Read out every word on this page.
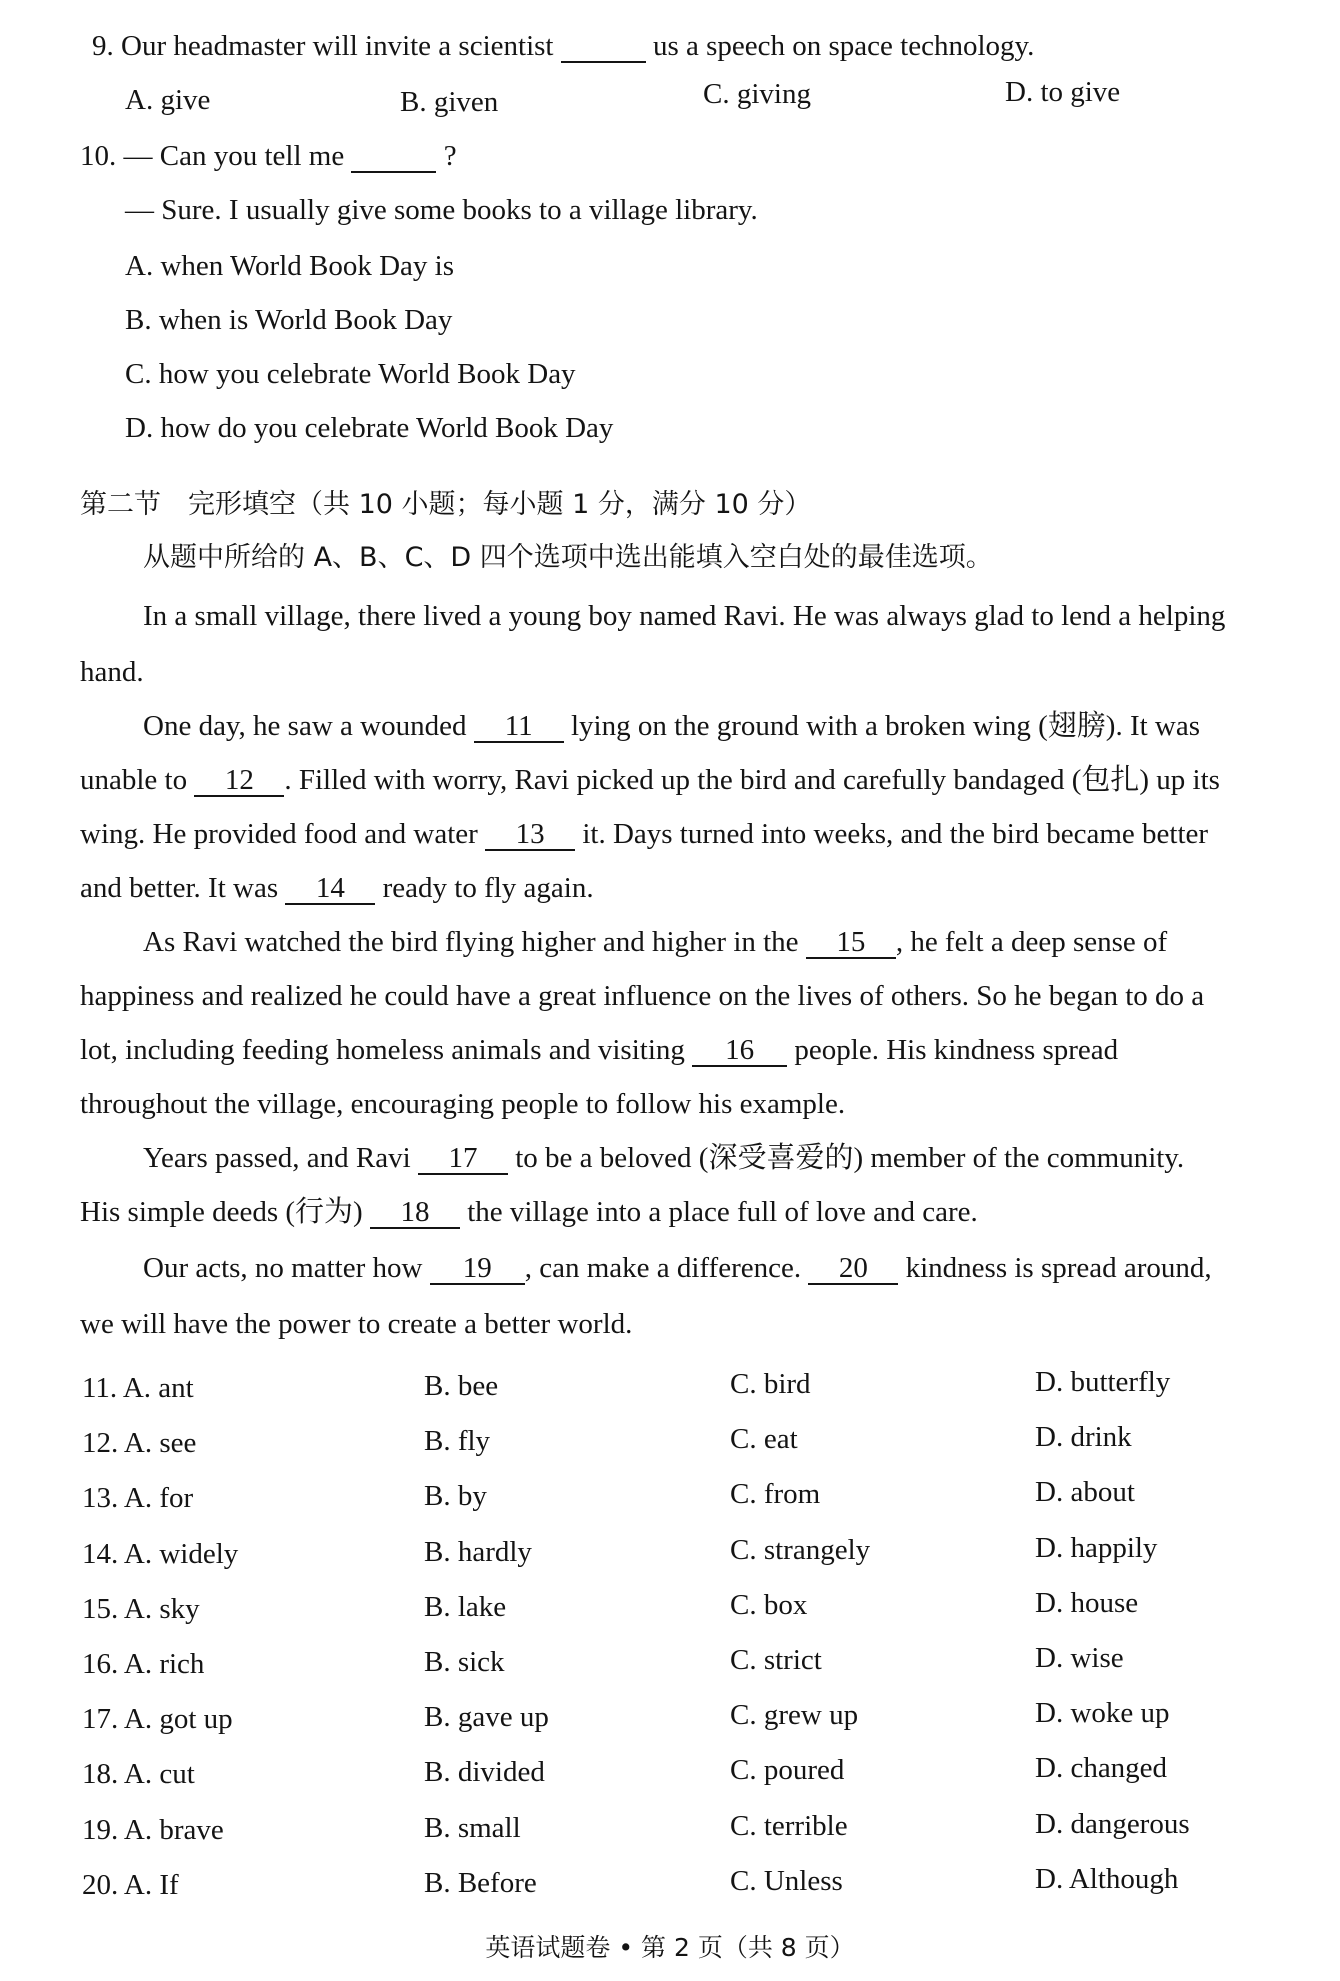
9. Our headmaster will invite a scientist	us a speech on space technology.
A. give	B. given	C. giving	D. to give
10. — Can you tell me	?
— Sure. I usually give some books to a village library.
A. when World Book Day is
B. when is World Book Day
C. how you celebrate World Book Day
D. how do you celebrate World Book Day
第二节　完形填空（共 10 小题；每小题 1 分，满分 10 分）
从题中所给的 A、B、C、D 四个选项中选出能填入空白处的最佳选项。
In a small village, there lived a young boy named Ravi. He was always glad to lend a helping
hand.
One day, he saw a wounded 11 lying on the ground with a broken wing (翅膀). It was
unable to 12 . Filled with worry, Ravi picked up the bird and carefully bandaged (包扎) up its
wing. He provided food and water 13 it. Days turned into weeks, and the bird became better
and better. It was 14 ready to fly again.
As Ravi watched the bird flying higher and higher in the 15 , he felt a deep sense of
happiness and realized he could have a great influence on the lives of others. So he began to do a
lot, including feeding homeless animals and visiting 16 people. His kindness spread
throughout the village, encouraging people to follow his example.
Years passed, and Ravi 17 to be a beloved (深受喜爱的) member of the community.
His simple deeds (行为) 18 the village into a place full of love and care.
Our acts, no matter how 19 , can make a difference. 20 kindness is spread around,
we will have the power to create a better world.
11. A. ant	B. bee	C. bird	D. butterfly
12. A. see	B. fly	C. eat	D. drink
13. A. for	B. by	C. from	D. about
14. A. widely	B. hardly	C. strangely	D. happily
15. A. sky	B. lake	C. box	D. house
16. A. rich	B. sick	C. strict	D. wise
17. A. got up	B. gave up	C. grew up	D. woke up
18. A. cut	B. divided	C. poured	D. changed
19. A. brave	B. small	C. terrible	D. dangerous
20. A. If	B. Before	C. Unless	D. Although
英语试题卷 • 第 2 页（共 8 页）
